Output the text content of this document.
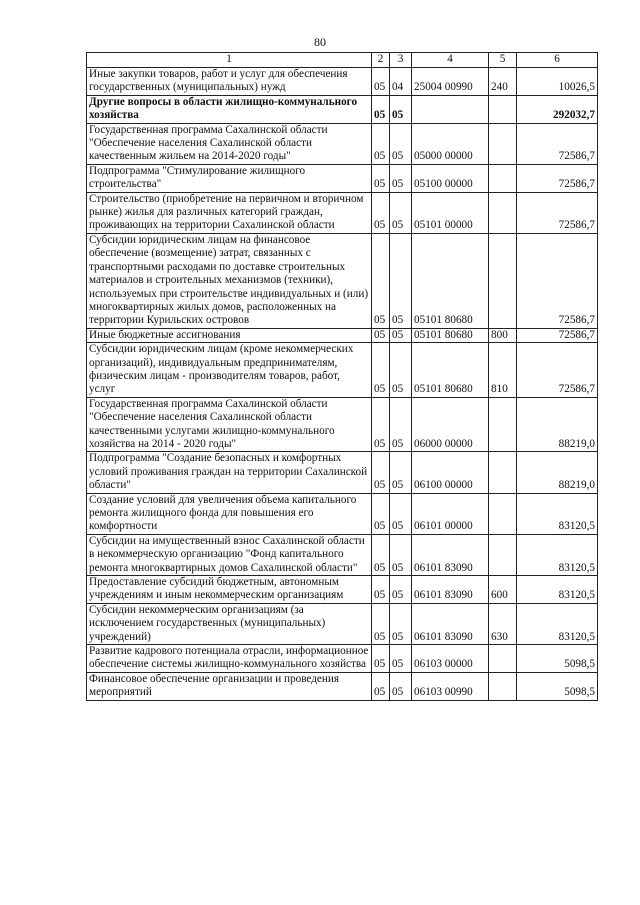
80
1	2	3	4	5	6
Иные закупки товаров, работ и услуг для обеспечения государственных (муниципальных) нужд	05	04	25004 00990	240	10026,5
Другие вопросы в области жилищно-коммунального хозяйства	05	05			292032,7
Государственная программа Сахалинской области "Обеспечение населения Сахалинской области качественным жильем на 2014-2020 годы"	05	05	05000 00000		72586,7
Подпрограмма "Стимулирование жилищного строительства"	05	05	05100 00000		72586,7
Строительство (приобретение на первичном и вторичном рынке) жилья для различных категорий граждан, проживающих на территории Сахалинской области	05	05	05101 00000		72586,7
Субсидии юридическим лицам на финансовое обеспечение (возмещение) затрат, связанных с транспортными расходами по доставке строительных материалов и строительных механизмов (техники), используемых при строительстве индивидуальных и (или) многоквартирных жилых домов, расположенных на территории Курильских островов	05	05	05101 80680		72586,7
Иные бюджетные ассигнования	05	05	05101 80680	800	72586,7
Субсидии юридическим лицам (кроме некоммерческих организаций), индивидуальным предпринимателям, физическим лицам - производителям товаров, работ, услуг	05	05	05101 80680	810	72586,7
Государственная программа Сахалинской области "Обеспечение населения Сахалинской области качественными услугами жилищно-коммунального хозяйства на 2014 - 2020 годы"	05	05	06000 00000		88219,0
Подпрограмма "Создание безопасных и комфортных условий проживания граждан на территории Сахалинской области"	05	05	06100 00000		88219,0
Создание условий для увеличения объема капитального ремонта жилищного фонда для повышения его комфортности	05	05	06101 00000		83120,5
Субсидии на имущественный взнос Сахалинской области в некоммерческую организацию "Фонд капитального ремонта многоквартирных домов Сахалинской области"	05	05	06101 83090		83120,5
Предоставление субсидий бюджетным, автономным учреждениям и иным некоммерческим организациям	05	05	06101 83090	600	83120,5
Субсидии некоммерческим организациям (за исключением государственных (муниципальных) учреждений)	05	05	06101 83090	630	83120,5
Развитие кадрового потенциала отрасли, информационное обеспечение системы жилищно-коммунального хозяйства	05	05	06103 00000		5098,5
Финансовое обеспечение организации и проведения мероприятий	05	05	06103 00990		5098,5
